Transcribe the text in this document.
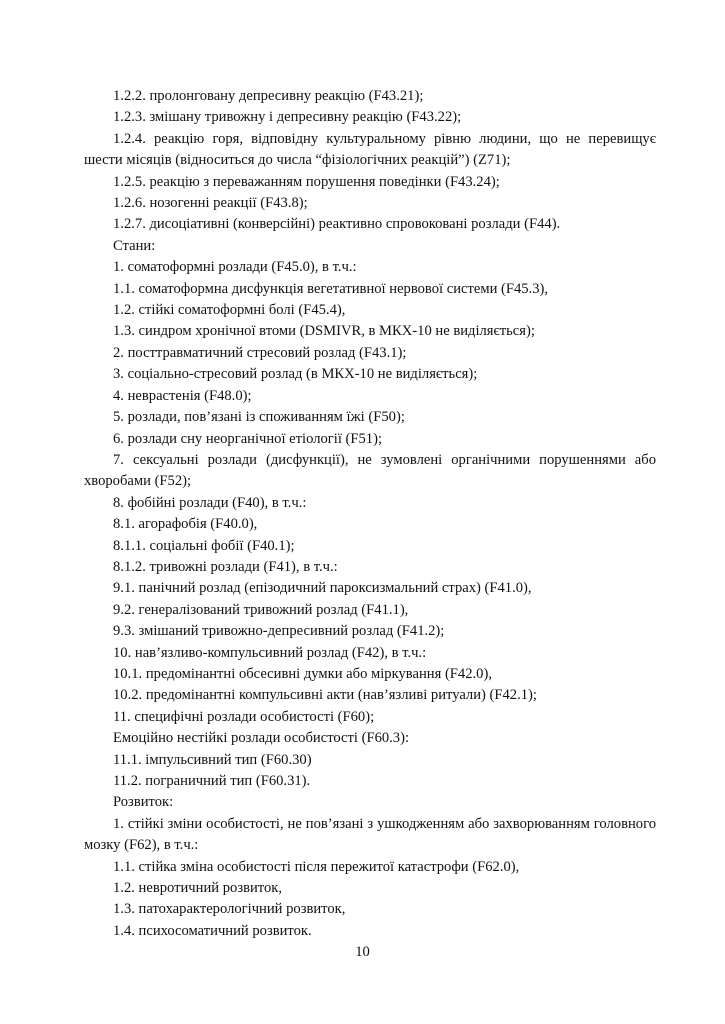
1.2.2. пролонговану депресивну реакцію (F43.21);

1.2.3. змішану тривожну і депресивну реакцію (F43.22);

1.2.4. реакцію горя, відповідну культуральному рівню людини, що не перевищує шести місяців (відноситься до числа “фізіологічних реакцій”) (Z71);

1.2.5. реакцію з переважанням порушення поведінки (F43.24);

1.2.6. нозогенні реакції (F43.8);

1.2.7. дисоціативні (конверсійні) реактивно спровоковані розлади (F44).

Стани:

1. соматоформні розлади (F45.0), в т.ч.:

1.1. соматоформна дисфункція вегетативної нервової системи (F45.3),

1.2. стійкі соматоформні болі (F45.4),

1.3. синдром хронічної втоми (DSMIVR, в МКХ-10 не виділяється);

2. посттравматичний стресовий розлад (F43.1);

3. соціально-стресовий розлад (в МКХ-10 не виділяється);

4. неврастенія (F48.0);

5. розлади, пов’язані із споживанням їжі (F50);

6. розлади сну неорганічної етіології (F51);

7. сексуальні розлади (дисфункції), не зумовлені органічними порушеннями або хворобами (F52);

8. фобійні розлади (F40), в т.ч.:

8.1. агорафобія (F40.0),

8.1.1. соціальні фобії (F40.1);

8.1.2. тривожні розлади (F41), в т.ч.:

9.1. панічний розлад (епізодичний пароксизмальний страх) (F41.0),

9.2. генералізований тривожний розлад (F41.1),

9.3. змішаний тривожно-депресивний розлад (F41.2);

10. нав’язливо-компульсивний розлад (F42), в т.ч.:

10.1. предомінантні обсесивні думки або міркування (F42.0),

10.2. предомінантні компульсивні акти (нав’язливі ритуали) (F42.1);

11. специфічні розлади особистості (F60);

Емоційно нестійкі розлади особистості (F60.3):

11.1. імпульсивний тип (F60.30)

11.2. пограничний тип (F60.31).

Розвиток:

1. стійкі зміни особистості, не пов’язані з ушкодженням або захворюванням головного мозку (F62), в т.ч.:

1.1. стійка зміна особистості після пережитої катастрофи (F62.0),

1.2. невротичний розвиток,

1.3. патохарактерологічний розвиток,

1.4. психосоматичний розвиток.

10
